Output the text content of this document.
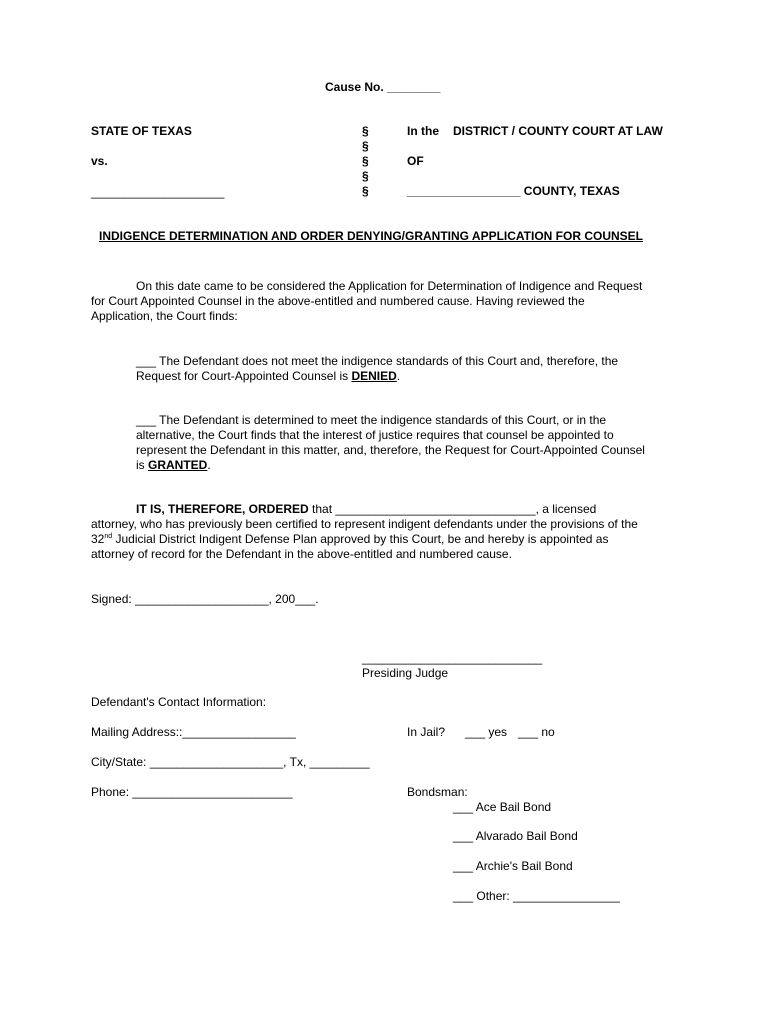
Cause No. ________
STATE OF TEXAS
vs.
____________________
§
§
§
§
§
In the DISTRICT / COUNTY COURT AT LAW
OF
_________________ COUNTY, TEXAS
INDIGENCE DETERMINATION AND ORDER DENYING/GRANTING APPLICATION FOR COUNSEL
On this date came to be considered the Application for Determination of Indigence and Request
for Court Appointed Counsel in the above-entitled and numbered cause. Having reviewed the
Application, the Court finds:
___ The Defendant does not meet the indigence standards of this Court and, therefore, the
Request for Court-Appointed Counsel is DENIED.
___ The Defendant is determined to meet the indigence standards of this Court, or in the
alternative, the Court finds that the interest of justice requires that counsel be appointed to
represent the Defendant in this matter, and, therefore, the Request for Court-Appointed Counsel
is GRANTED.
IT IS, THEREFORE, ORDERED that ______________________________, a licensed
attorney, who has previously been certified to represent indigent defendants under the provisions of the
32nd Judicial District Indigent Defense Plan approved by this Court, be and hereby is appointed as
attorney of record for the Defendant in the above-entitled and numbered cause.
Signed: ____________________, 200___.
___________________________
Presiding Judge
Defendant's Contact Information:
Mailing Address::_________________	In Jail? ___ yes ___ no
City/State: ____________________, Tx, _________
Phone: ________________________	Bondsman:
___ Ace Bail Bond
___ Alvarado Bail Bond
___ Archie's Bail Bond
___ Other: ________________
